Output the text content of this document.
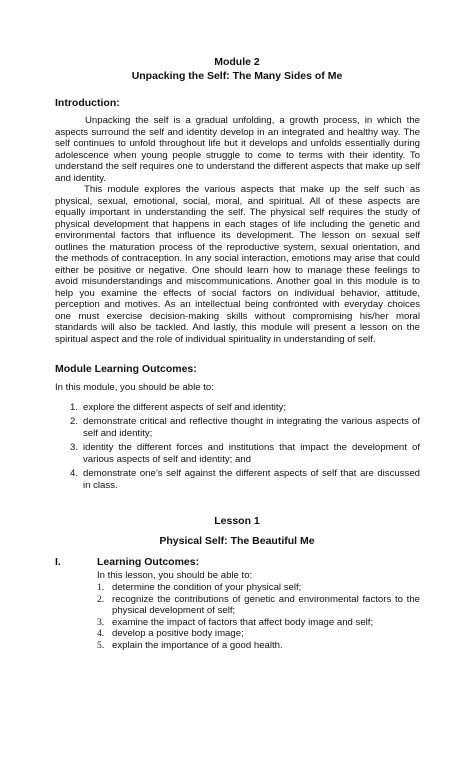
Module 2
Unpacking the Self: The Many Sides of Me
Introduction:

Unpacking the self is a gradual unfolding, a growth process, in which the aspects surround the self and identity develop in an integrated and healthy way. The self continues to unfold throughout life but it develops and unfolds essentially during adolescence when young people struggle to come to terms with their identity. To understand the self requires one to understand the different aspects that make up self and identity.

This module explores the various aspects that make up the self such as physical, sexual, emotional, social, moral, and spiritual. All of these aspects are equally important in understanding the self. The physical self requires the study of physical development that happens in each stages of life including the genetic and environmental factors that influence its development. The lesson on sexual self outlines the maturation process of the reproductive system, sexual orientation, and the methods of contraception. In any social interaction, emotions may arise that could either be positive or negative. One should learn how to manage these feelings to avoid misunderstandings and miscommunications. Another goal in this module is to help you examine the effects of social factors on individual behavior, attitude, perception and motives. As an intellectual being confronted with everyday choices one must exercise decision-making skills without compromising his/her moral standards will also be tackled. And lastly, this module will present a lesson on the spiritual aspect and the role of individual spirituality in understanding of self.

Module Learning Outcomes:

In this module, you should be able to:

1. explore the different aspects of self and identity;
2. demonstrate critical and reflective thought in integrating the various aspects of self and identity;
3. identity the different forces and institutions that impact the development of various aspects of self and identity; and
4. demonstrate one’s self against the different aspects of self that are discussed in class.
Lesson 1
Physical Self: The Beautiful Me
I.	Learning Outcomes:

In this lesson, you should be able to:

1. determine the condition of your physical self;
2. recognize the contributions of genetic and environmental factors to the physical development of self;
3. examine the impact of factors that affect body image and self;
4. develop a positive body image;
5. explain the importance of a good health.
